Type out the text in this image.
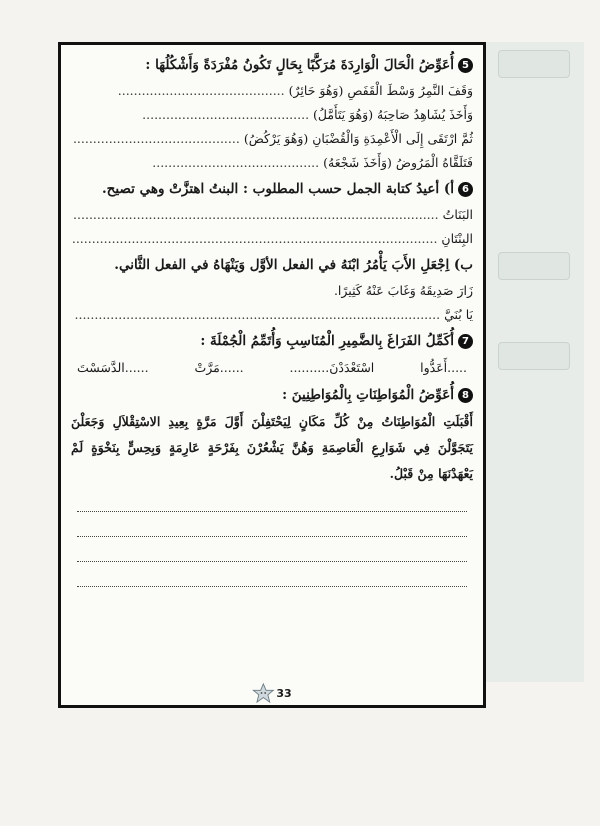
5أُعَوِّضُ الْحَالَ الْوَارِدَةَ مُرَكَّبًا بِحَالٍ تَكُونُ مُفْرَدَةً وَأَشْكُلُهَا :
وَقَفَ النَّمِرُ وَسْطَ الْقَفَصِ (وَهُوَ حَائِرٌ) ..........................................
وَأَخَذَ يُشَاهِدُ صَاحِبَهُ (وَهُوَ يَتَأَمَّلُ) ..........................................
ثُمَّ ارْتَقَى إِلَى الْأَعْمِدَةِ وَالْقُضْبَانِ (وَهُوَ يَرْكُضُ) ..........................................
فَتَلَقَّاهُ الْمَرُوضُ (وَأَخَذَ شَجْعَهُ) ..........................................
6أ) أعيدُ كتابة الجمل حسب المطلوب : البنتُ اهتزَّتْ وهي تصيح.
البَنَاتُ ............................................................................................
البِنْتَانِ ............................................................................................
ب) اِجْعَلِ الأَبَ يَأْمُرُ ابْنَهُ في الفعل الأوَّل وَيَنْهَاهُ في الفعل الثَّاني.
زَارَ صَدِيقَهُ وَغَابَ عَنْهُ كَثِيرًا.
يَا بُنَيَّ ............................................................................................
7أُكَمِّلُ الفَرَاغَ بِالضَّمِيرِ الْمُنَاسِبِ وَأُتَمِّمُ الْجُمْلَةَ :
.....أَعَدُّوا
اسْتَعْدَدْنَ..........
......مَرَّتْ
......الدَّسَسْتَ
8أُعَوِّضُ الْمُوَاطِنَاتِ بِالْمُوَاطِنِينَ :
أَقْبَلَتِ الْمُوَاطِنَاتُ مِنْ كُلِّ مَكَانٍ لِيَحْتَفِلْنَ أَوَّلَ مَرَّةٍ بِعِيدِ الاسْتِقْلاَلِ وَجَعَلْنَ يَتَجَوَّلْنَ فِي شَوَارِعِ الْعَاصِمَةِ وَهُنَّ يَشْعُرْنَ بِفَرْحَةٍ عَارِمَةٍ وَبِحِسٍّ بِنَخْوَةٍ لَمْ يَعْهَدْنَهَا مِنْ قَبْلُ.
33
